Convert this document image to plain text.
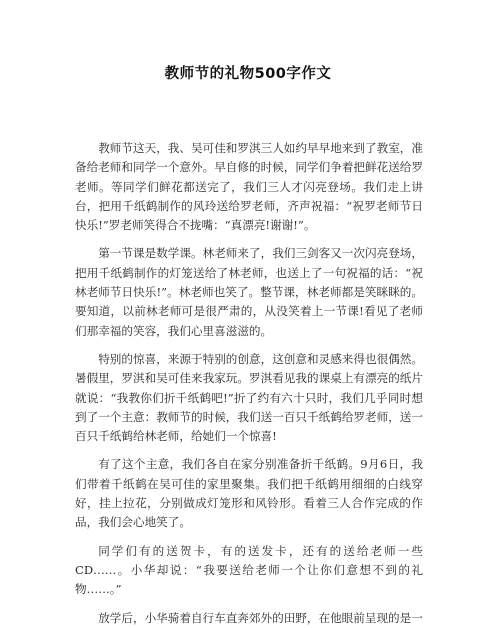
教师节的礼物500字作文

教师节这天，我、吴可佳和罗淇三人如约早早地来到了教室，准备给老师和同学一个意外。早自修的时候，同学们争着把鲜花送给罗老师。等同学们鲜花都送完了，我们三人才闪亮登场。我们走上讲台，把用千纸鹤制作的风玲送给罗老师，齐声祝福：“祝罗老师节日快乐!”罗老师笑得合不拢嘴：“真漂亮!谢谢!”。

第一节课是数学课。林老师来了，我们三剑客又一次闪亮登场，把用千纸鹤制作的灯笼送给了林老师，也送上了一句祝福的话：“祝林老师节日快乐!”。林老师也笑了。整节课，林老师都是笑眯眯的。要知道，以前林老师可是很严肃的，从没笑着上一节课!看见了老师们那幸福的笑容，我们心里喜滋滋的。

特别的惊喜，来源于特别的创意，这创意和灵感来得也很偶然。暑假里，罗淇和吴可佳来我家玩。罗淇看见我的课桌上有漂亮的纸片就说：“我教你们折千纸鹤吧!”折了约有六十只时，我们几乎同时想到了一个主意：教师节的时候，我们送一百只千纸鹤给罗老师，送一百只千纸鹤给林老师，给她们一个惊喜!

有了这个主意，我们各自在家分别准备折千纸鹤。9月6日，我们带着千纸鹤在吴可佳的家里聚集。我们把千纸鹤用细细的白线穿好，挂上拉花，分别做成灯笼形和风铃形。看着三人合作完成的作品，我们会心地笑了。

同学们有的送贺卡，有的送发卡，还有的送给老师一些 CD……。小华却说：“我要送给老师一个让你们意想不到的礼物……。”

放学后，小华骑着自行车直奔郊外的田野，在他眼前呈现的是一
